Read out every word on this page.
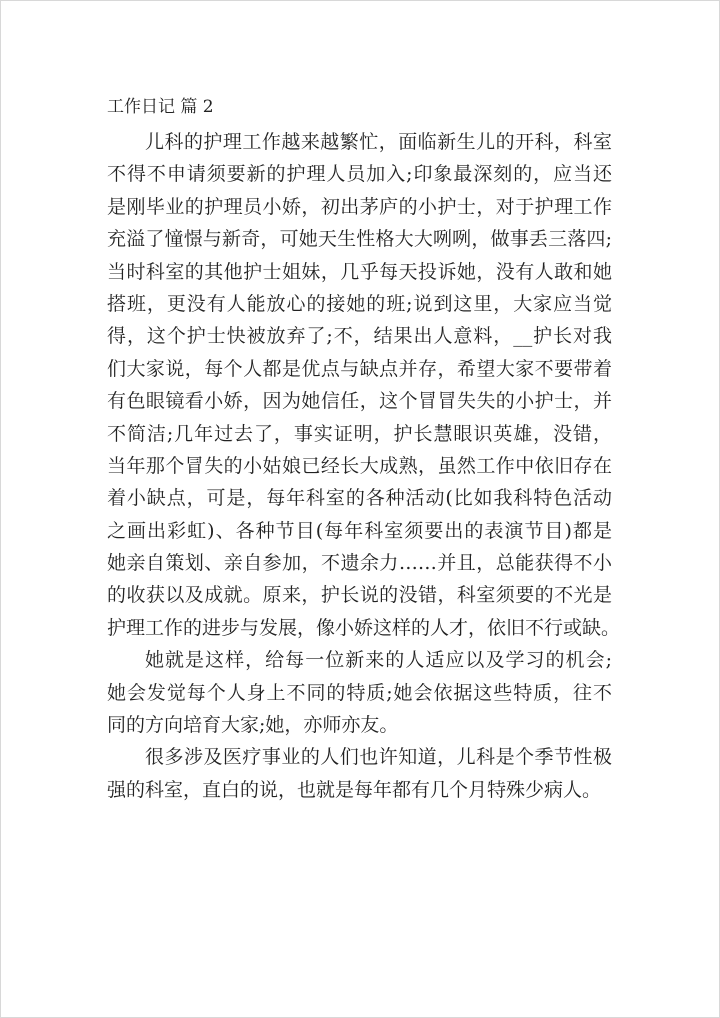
工作日记 篇 2
儿科的护理工作越来越繁忙，面临新生儿的开科，科室
不得不申请须要新的护理人员加入;印象最深刻的，应当还
是刚毕业的护理员小娇，初出茅庐的小护士，对于护理工作
充溢了憧憬与新奇，可她天生性格大大咧咧，做事丢三落四;
当时科室的其他护士姐妹，几乎每天投诉她，没有人敢和她
搭班，更没有人能放心的接她的班;说到这里，大家应当觉
得，这个护士快被放弃了;不，结果出人意料，__护长对我
们大家说，每个人都是优点与缺点并存，希望大家不要带着
有色眼镜看小娇，因为她信任，这个冒冒失失的小护士，并
不简洁;几年过去了，事实证明，护长慧眼识英雄，没错，
当年那个冒失的小姑娘已经长大成熟，虽然工作中依旧存在
着小缺点，可是，每年科室的各种活动(比如我科特色活动
之画出彩虹)、各种节目(每年科室须要出的表演节目)都是
她亲自策划、亲自参加，不遗余力……并且，总能获得不小
的收获以及成就。原来，护长说的没错，科室须要的不光是
护理工作的进步与发展，像小娇这样的人才，依旧不行或缺。
她就是这样，给每一位新来的人适应以及学习的机会;
她会发觉每个人身上不同的特质;她会依据这些特质，往不
同的方向培育大家;她，亦师亦友。
很多涉及医疗事业的人们也许知道，儿科是个季节性极
强的科室，直白的说，也就是每年都有几个月特殊少病人。
